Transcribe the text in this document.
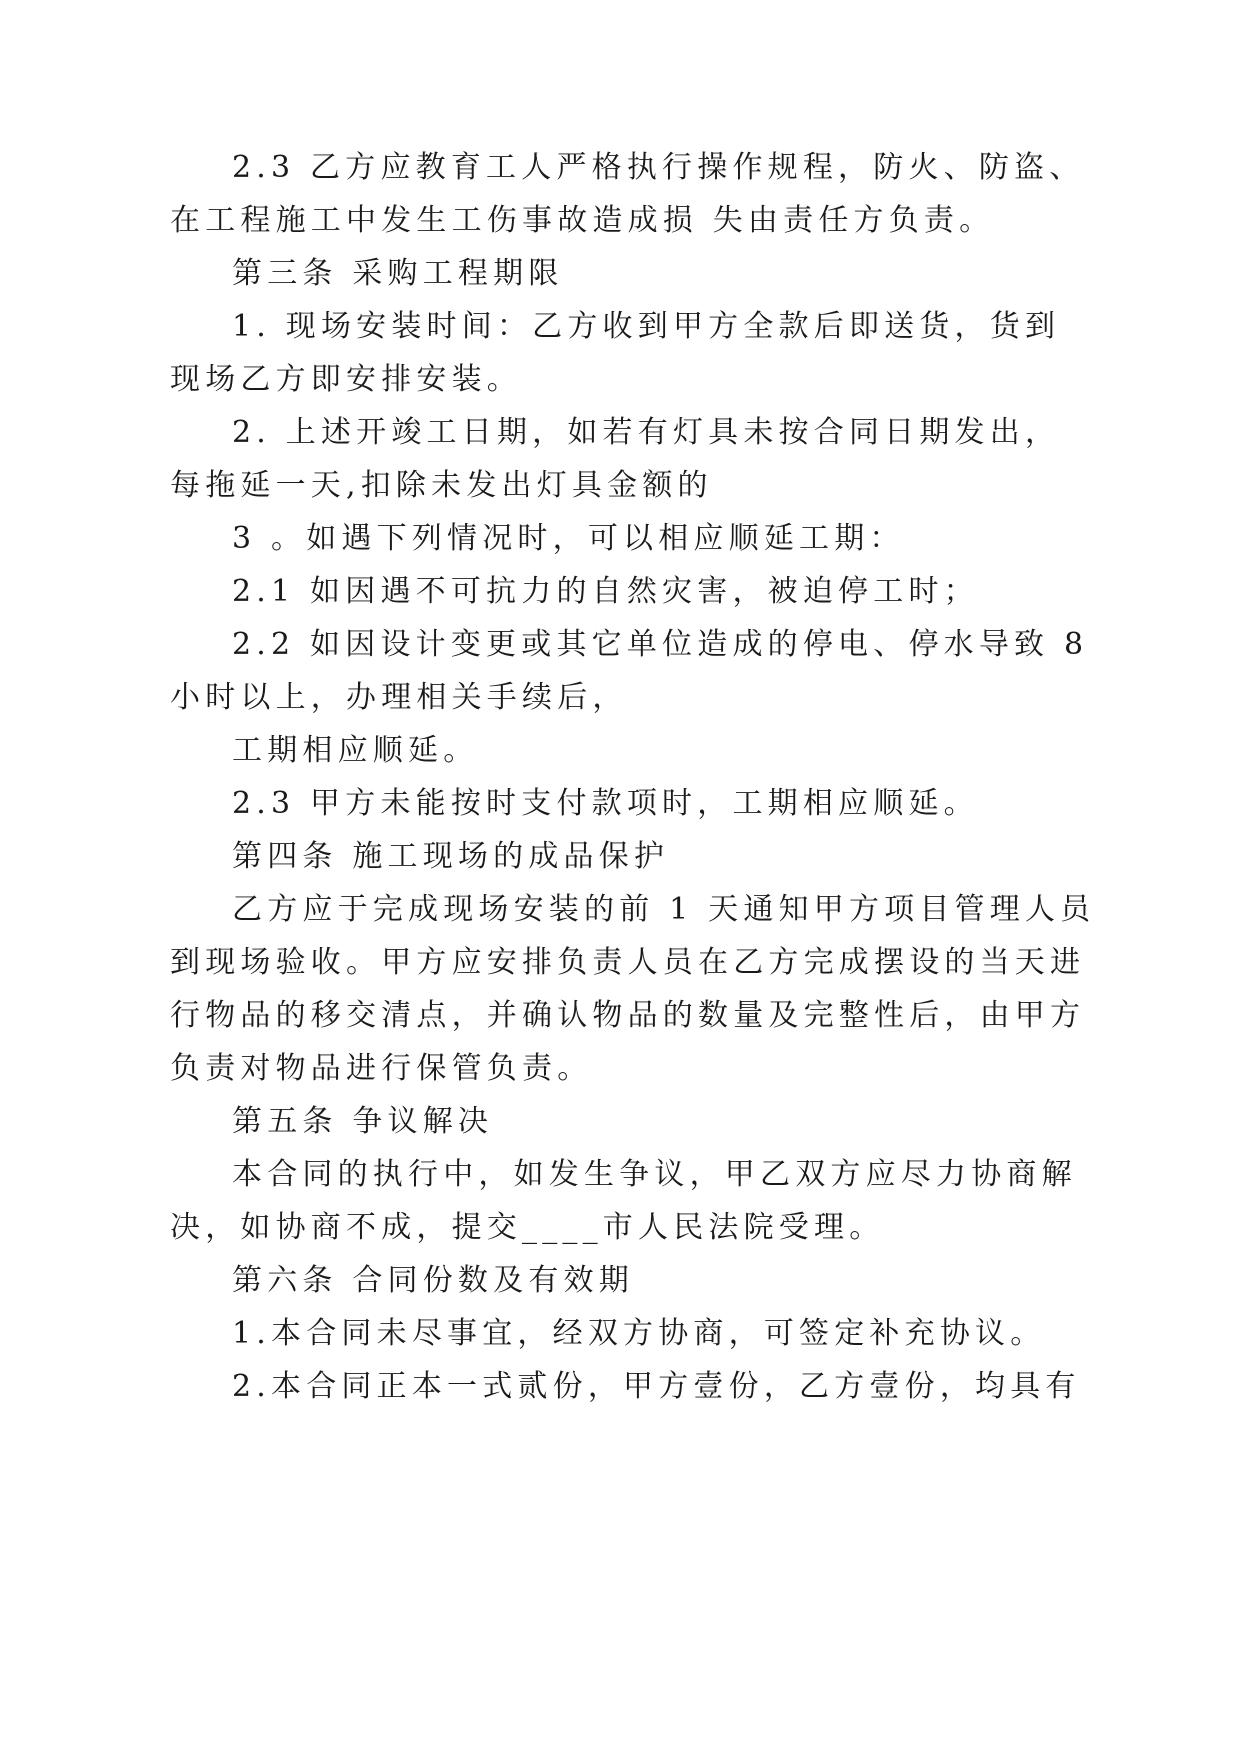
2.3 乙方应教育工人严格执行操作规程，防火、防盗、
在工程施工中发生工伤事故造成损 失由责任方负责。
第三条 采购工程期限
1. 现场安装时间：乙方收到甲方全款后即送货，货到
现场乙方即安排安装。
2. 上述开竣工日期，如若有灯具未按合同日期发出，
每拖延一天,扣除未发出灯具金额的
3 。如遇下列情况时，可以相应顺延工期：
2.1 如因遇不可抗力的自然灾害，被迫停工时；
2.2 如因设计变更或其它单位造成的停电、停水导致 8
小时以上，办理相关手续后，
工期相应顺延。
2.3 甲方未能按时支付款项时，工期相应顺延。
第四条 施工现场的成品保护
乙方应于完成现场安装的前 1 天通知甲方项目管理人员
到现场验收。甲方应安排负责人员在乙方完成摆设的当天进
行物品的移交清点，并确认物品的数量及完整性后，由甲方
负责对物品进行保管负责。
第五条 争议解决
本合同的执行中，如发生争议，甲乙双方应尽力协商解
决，如协商不成，提交____市人民法院受理。
第六条 合同份数及有效期
1.本合同未尽事宜，经双方协商，可签定补充协议。
2.本合同正本一式贰份，甲方壹份，乙方壹份，均具有
